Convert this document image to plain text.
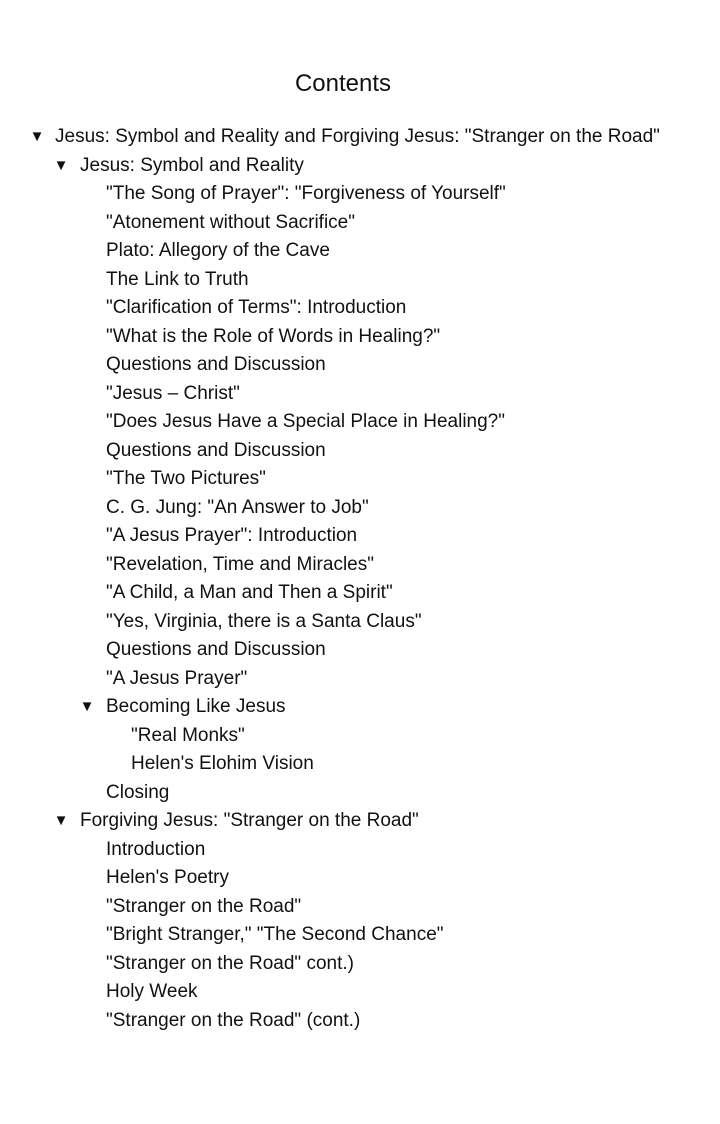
Contents
▼ Jesus: Symbol and Reality and Forgiving Jesus: "Stranger on the Road"
▼ Jesus: Symbol and Reality
"The Song of Prayer": "Forgiveness of Yourself"
"Atonement without Sacrifice"
Plato: Allegory of the Cave
The Link to Truth
"Clarification of Terms": Introduction
"What is the Role of Words in Healing?"
Questions and Discussion
"Jesus – Christ"
"Does Jesus Have a Special Place in Healing?"
Questions and Discussion
"The Two Pictures"
C. G. Jung: "An Answer to Job"
"A Jesus Prayer": Introduction
"Revelation, Time and Miracles"
"A Child, a Man and Then a Spirit"
"Yes, Virginia, there is a Santa Claus"
Questions and Discussion
"A Jesus Prayer"
▼ Becoming Like Jesus
"Real Monks"
Helen's Elohim Vision
Closing
▼ Forgiving Jesus: "Stranger on the Road"
Introduction
Helen's Poetry
"Stranger on the Road"
"Bright Stranger," "The Second Chance"
"Stranger on the Road" cont.)
Holy Week
"Stranger on the Road" (cont.)
